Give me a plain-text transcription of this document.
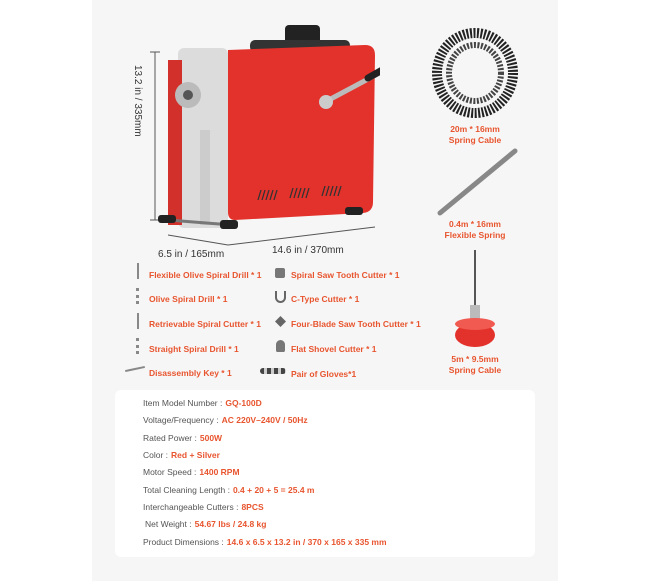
13.2 in / 335mm
6.5 in / 165mm	14.6 in / 370mm
20m * 16mm
Spring Cable
0.4m * 16mm
Flexible Spring
5m * 9.5mm
Spring Cable
Flexible Olive Spiral Drill * 1
Olive Spiral Drill * 1
Retrievable Spiral Cutter * 1
Straight Spiral Drill * 1
Disassembly Key * 1
Spiral Saw Tooth Cutter * 1
C-Type Cutter * 1
Four-Blade Saw Tooth Cutter * 1
Flat Shovel Cutter * 1
Pair of Gloves*1
Item Model Number : GQ-100D
Voltage/Frequency : AC 220V–240V / 50Hz
Rated Power : 500W
Color : Red + Silver
Motor Speed : 1400 RPM
Total Cleaning Length : 0.4 + 20 + 5 = 25.4 m
Interchangeable Cutters : 8PCS
Net Weight : 54.67 lbs / 24.8 kg
Product Dimensions : 14.6 x 6.5 x 13.2 in / 370 x 165 x 335 mm
